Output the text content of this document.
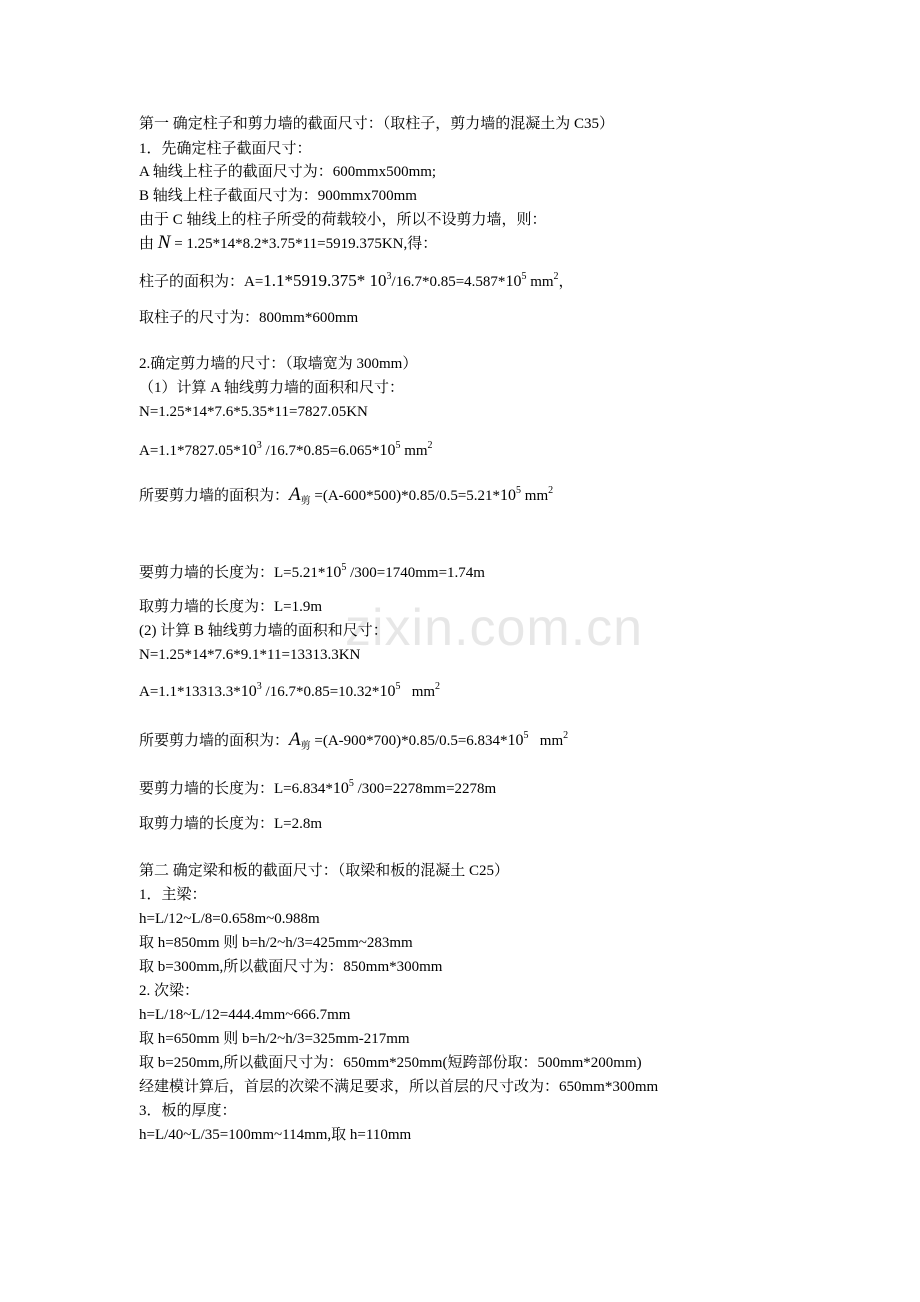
zixin.com.cn
第一 确定柱子和剪力墙的截面尺寸：（取柱子，剪力墙的混凝土为 C35）
1．先确定柱子截面尺寸：
A 轴线上柱子的截面尺寸为：600mmx500mm;
B 轴线上柱子截面尺寸为：900mmx700mm
由于 C 轴线上的柱子所受的荷载较小，所以不设剪力墙，则：
由 N = 1.25*14*8.2*3.75*11=5919.375KN,得：
柱子的面积为：A=1.1*5919.375* $10^3/16.7*0.85=4.587*10^5$ $mm^2$，
取柱子的尺寸为：800mm*600mm
2.确定剪力墙的尺寸：（取墙宽为 300mm）
（1）计算 A 轴线剪力墙的面积和尺寸：
N=1.25*14*7.6*5.35*11=7827.05KN
$A=1.1*7827.05*10^3$ $/16.7*0.85=6.065*10^5$ $mm^2$
所要剪力墙的面积为：$A_剪 =(A-600*500)*0.85/0.5=5.21*10^5$ $mm^2$
要剪力墙的长度为：$L=5.21*10^5$ /300=1740mm=1.74m
取剪力墙的长度为：L=1.9m
(2) 计算 B 轴线剪力墙的面积和尺寸：
N=1.25*14*7.6*9.1*11=13313.3KN
$A=1.1*13313.3*10^3$ $/16.7*0.85=10.32*10^5$ $mm^2$
所要剪力墙的面积为：$A_剪 =(A-900*700)*0.85/0.5=6.834*10^5$ $mm^2$
要剪力墙的长度为：$L=6.834*10^5$ /300=2278mm=2278m
取剪力墙的长度为：L=2.8m
第二 确定梁和板的截面尺寸：（取梁和板的混凝土 C25）
1．主梁：
h=L/12~L/8=0.658m~0.988m
取 h=850mm 则 b=h/2~h/3=425mm~283mm
取 b=300mm,所以截面尺寸为：850mm*300mm
2. 次梁：
h=L/18~L/12=444.4mm~666.7mm
取 h=650mm 则 b=h/2~h/3=325mm-217mm
取 b=250mm,所以截面尺寸为：650mm*250mm(短跨部份取：500mm*200mm)
经建模计算后，首层的次梁不满足要求，所以首层的尺寸改为：650mm*300mm
3．板的厚度：
h=L/40~L/35=100mm~114mm,取 h=110mm
